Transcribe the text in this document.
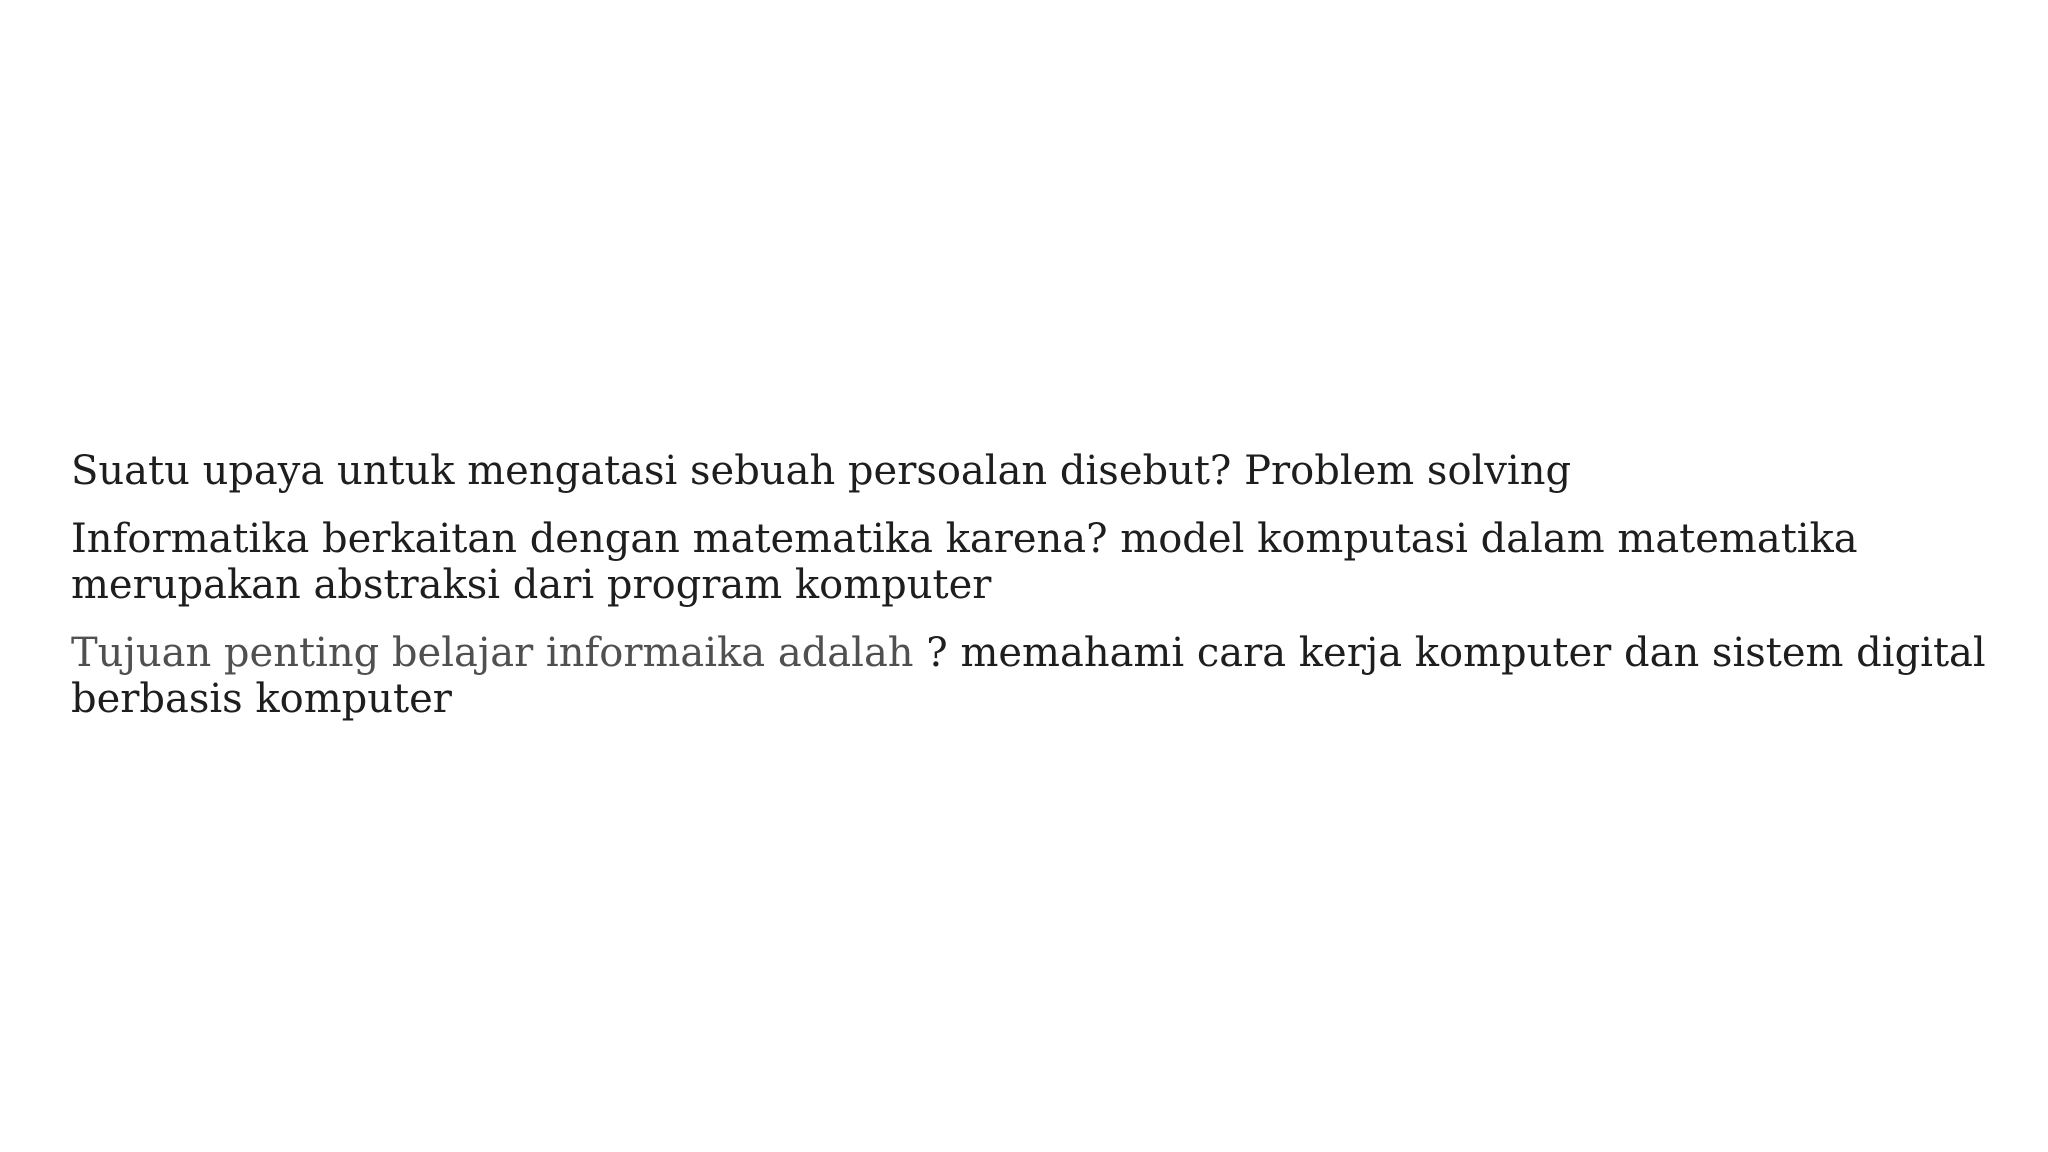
Suatu upaya untuk mengatasi sebuah persoalan disebut? Problem solving

Informatika berkaitan dengan matematika karena? model komputasi dalam matematika merupakan abstraksi dari program komputer

Tujuan penting belajar informaika adalah ? memahami cara kerja komputer dan sistem digital berbasis komputer
